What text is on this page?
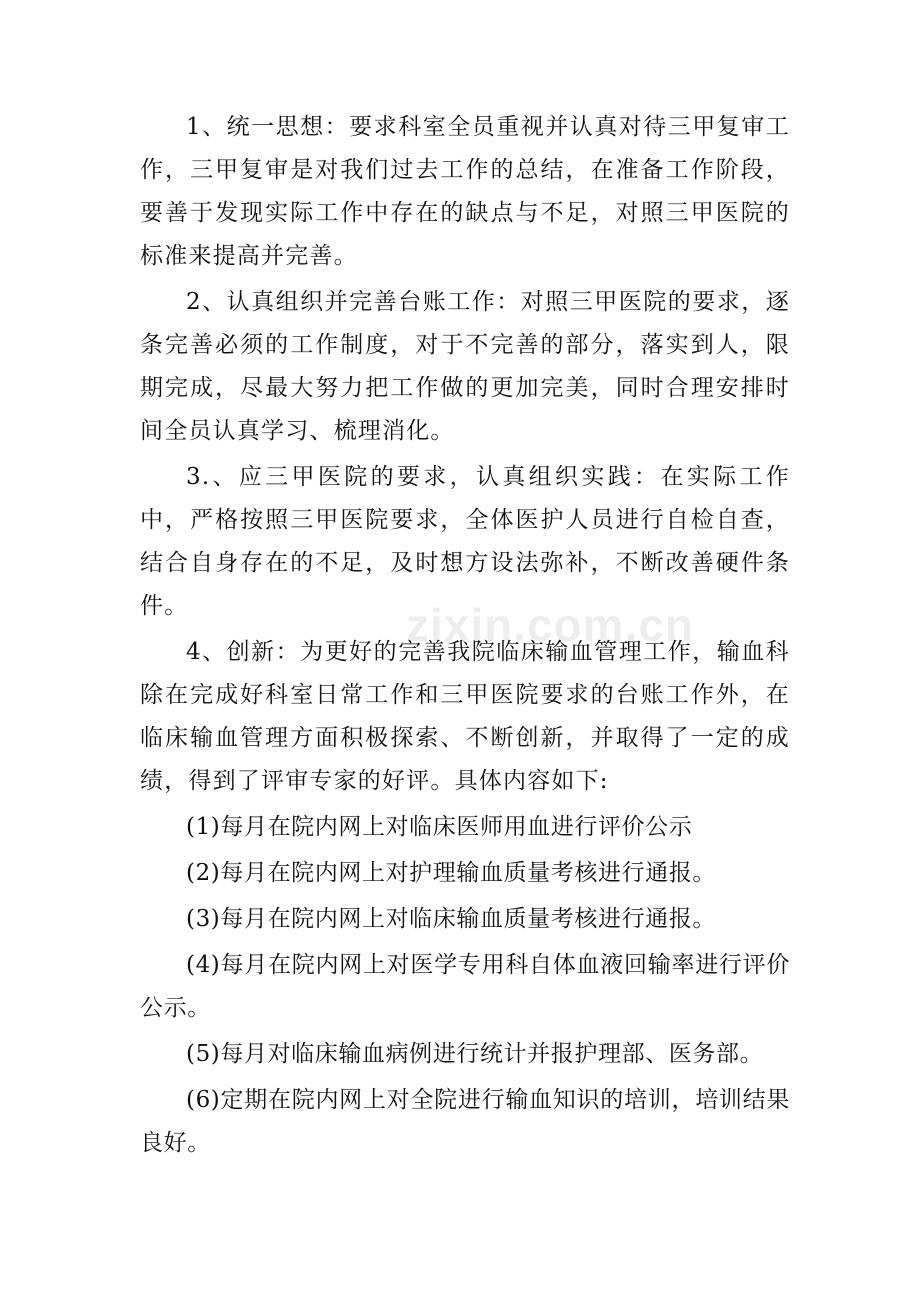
1、统一思想：要求科室全员重视并认真对待三甲复审工作，三甲复审是对我们过去工作的总结，在准备工作阶段，要善于发现实际工作中存在的缺点与不足，对照三甲医院的标准来提高并完善。

2、认真组织并完善台账工作：对照三甲医院的要求，逐条完善必须的工作制度，对于不完善的部分，落实到人，限期完成，尽最大努力把工作做的更加完美，同时合理安排时间全员认真学习、梳理消化。

3.、应三甲医院的要求，认真组织实践：在实际工作中，严格按照三甲医院要求，全体医护人员进行自检自查，结合自身存在的不足，及时想方设法弥补，不断改善硬件条件。

4、创新：为更好的完善我院临床输血管理工作，输血科除在完成好科室日常工作和三甲医院要求的台账工作外，在临床输血管理方面积极探索、不断创新，并取得了一定的成绩，得到了评审专家的好评。具体内容如下:

(1)每月在院内网上对临床医师用血进行评价公示

(2)每月在院内网上对护理输血质量考核进行通报。

(3)每月在院内网上对临床输血质量考核进行通报。

(4)每月在院内网上对医学专用科自体血液回输率进行评价公示。

(5)每月对临床输血病例进行统计并报护理部、医务部。

(6)定期在院内网上对全院进行输血知识的培训，培训结果良好。

zixin.com.cn
